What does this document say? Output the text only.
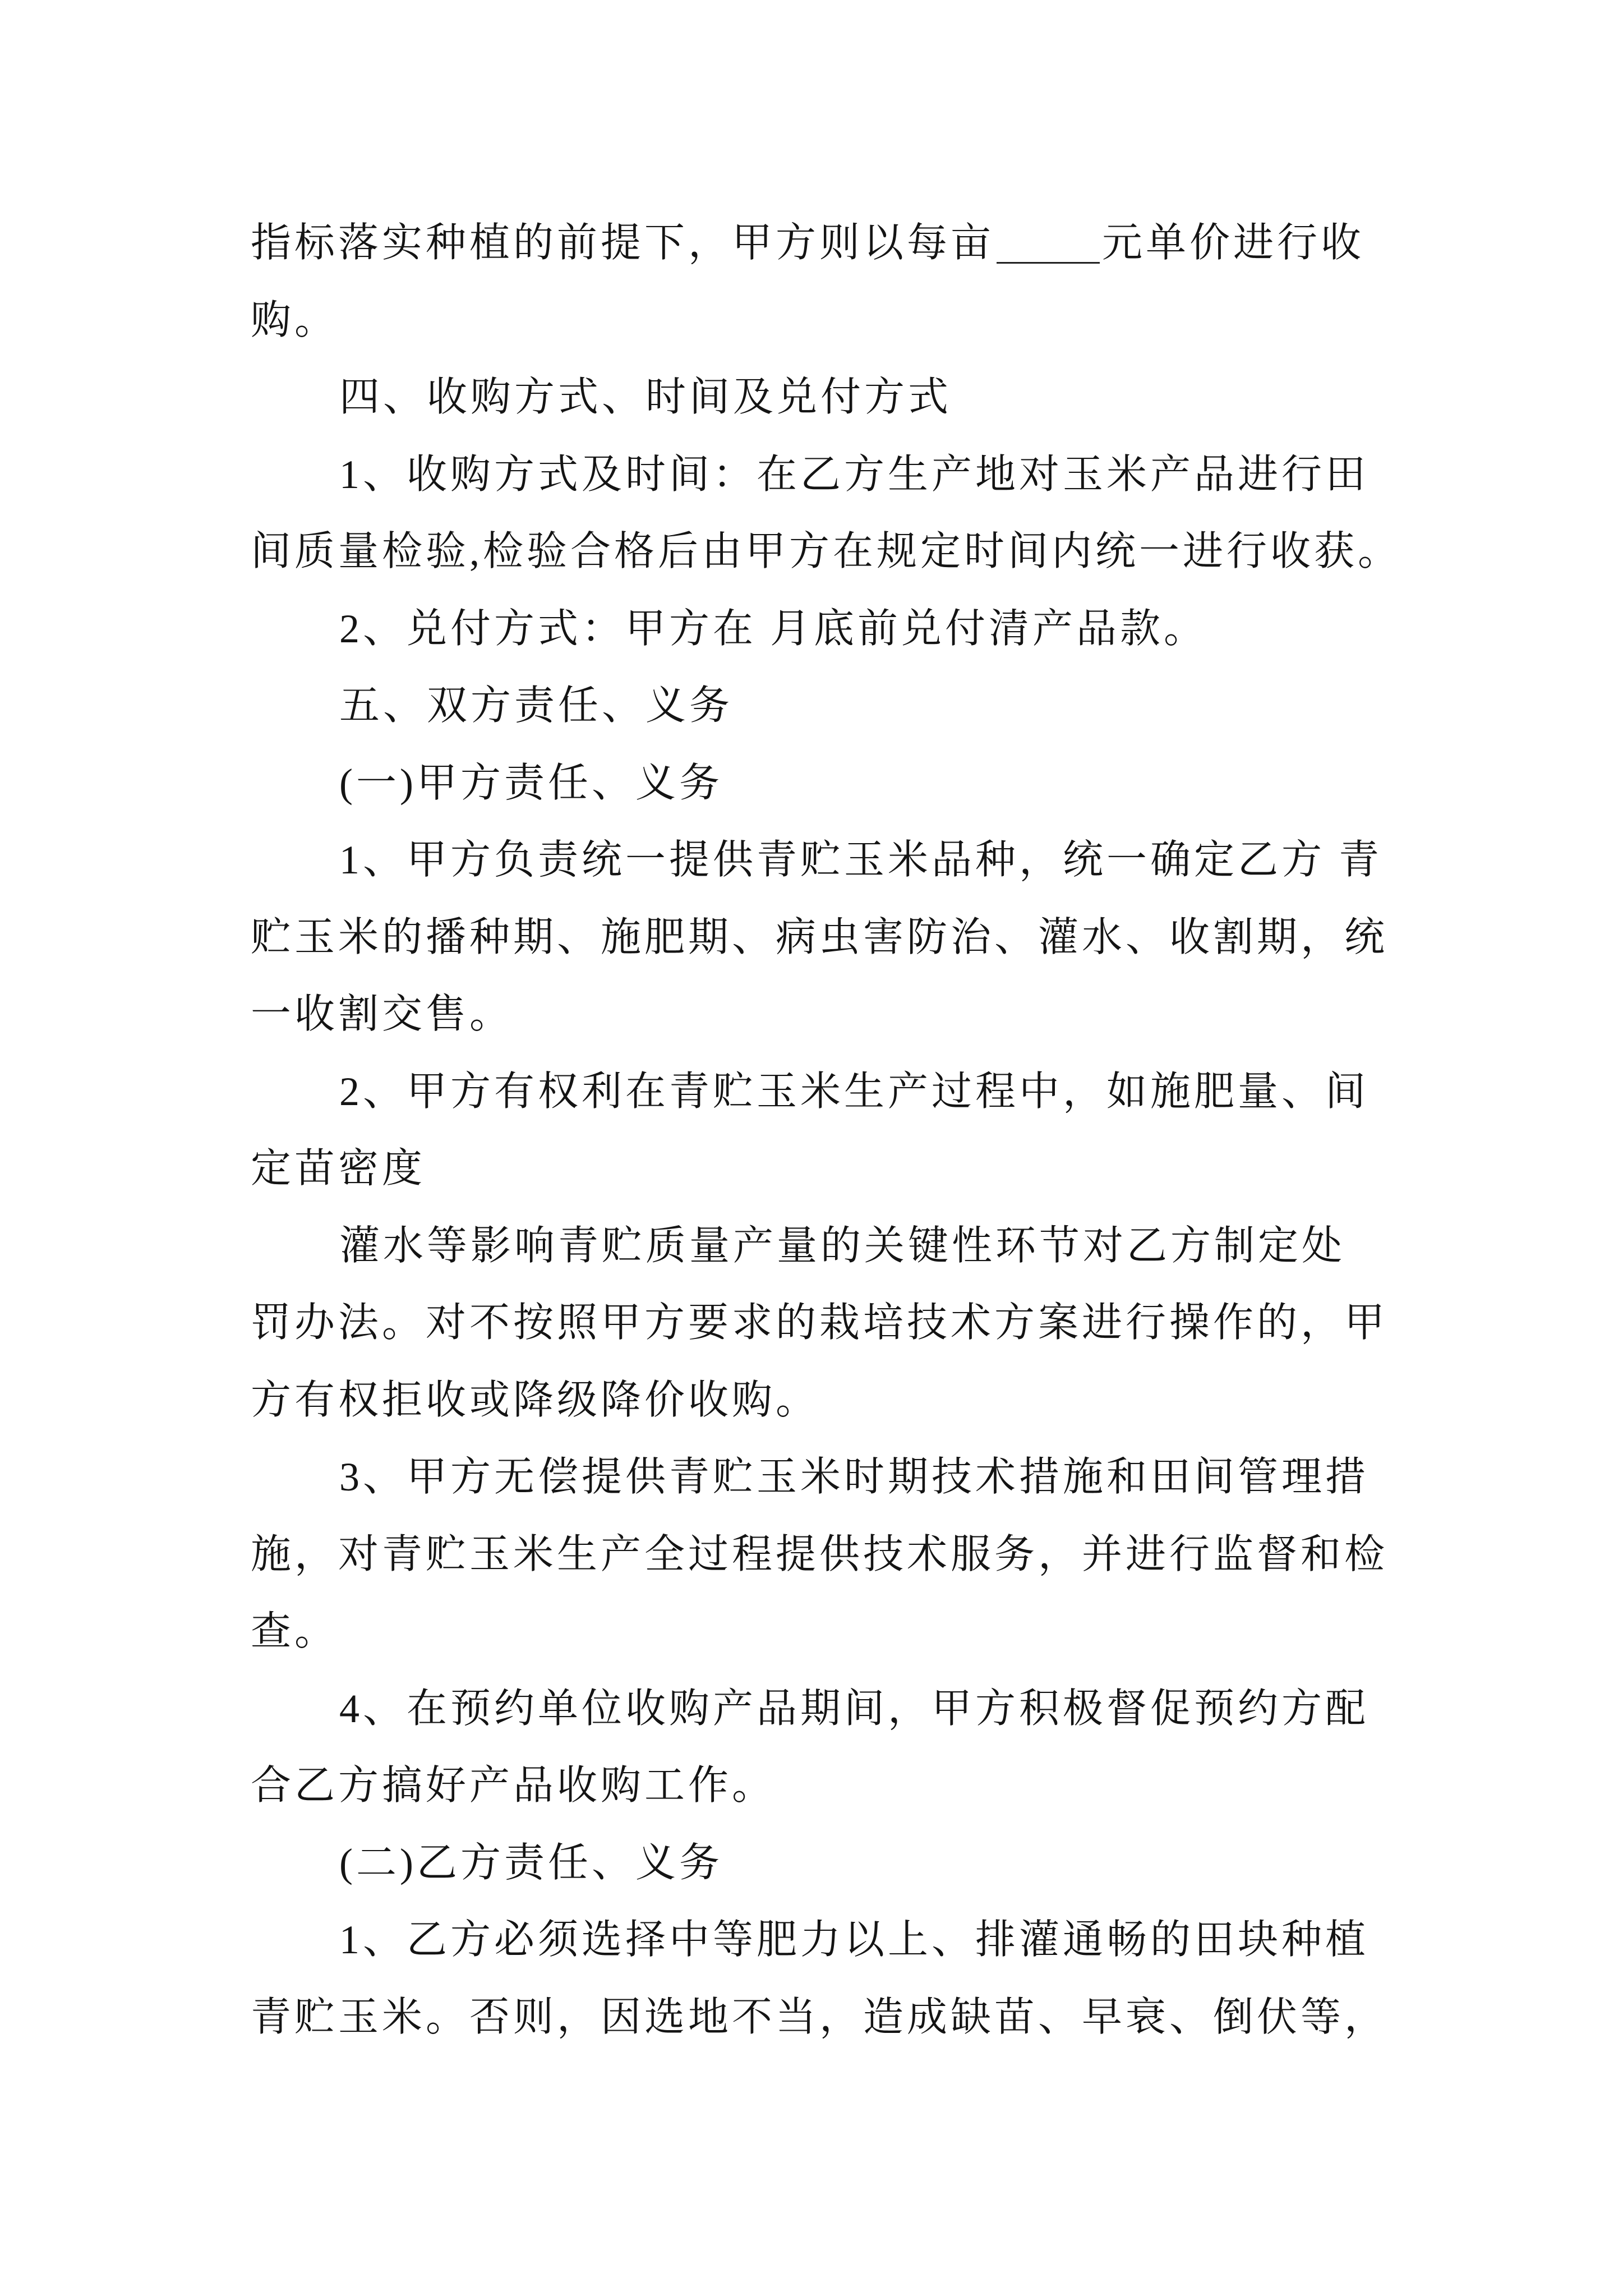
指标落实种植的前提下，甲方则以每亩	元单价进行收
购。
四、收购方式、时间及兑付方式
1、收购方式及时间：在乙方生产地对玉米产品进行田
间质量检验,检验合格后由甲方在规定时间内统一进行收获。
2、兑付方式：甲方在 月底前兑付清产品款。
五、双方责任、义务
(一)甲方责任、义务
1、甲方负责统一提供青贮玉米品种，统一确定乙方 青
贮玉米的播种期、施肥期、病虫害防治、灌水、收割期，统
一收割交售。
2、甲方有权利在青贮玉米生产过程中，如施肥量、间
定苗密度
灌水等影响青贮质量产量的关键性环节对乙方制定处
罚办法。对不按照甲方要求的栽培技术方案进行操作的，甲
方有权拒收或降级降价收购。
3、甲方无偿提供青贮玉米时期技术措施和田间管理措
施，对青贮玉米生产全过程提供技术服务，并进行监督和检
查。
4、在预约单位收购产品期间，甲方积极督促预约方配
合乙方搞好产品收购工作。
(二)乙方责任、义务
1、乙方必须选择中等肥力以上、排灌通畅的田块种植
青贮玉米。否则，因选地不当，造成缺苗、早衰、倒伏等，
